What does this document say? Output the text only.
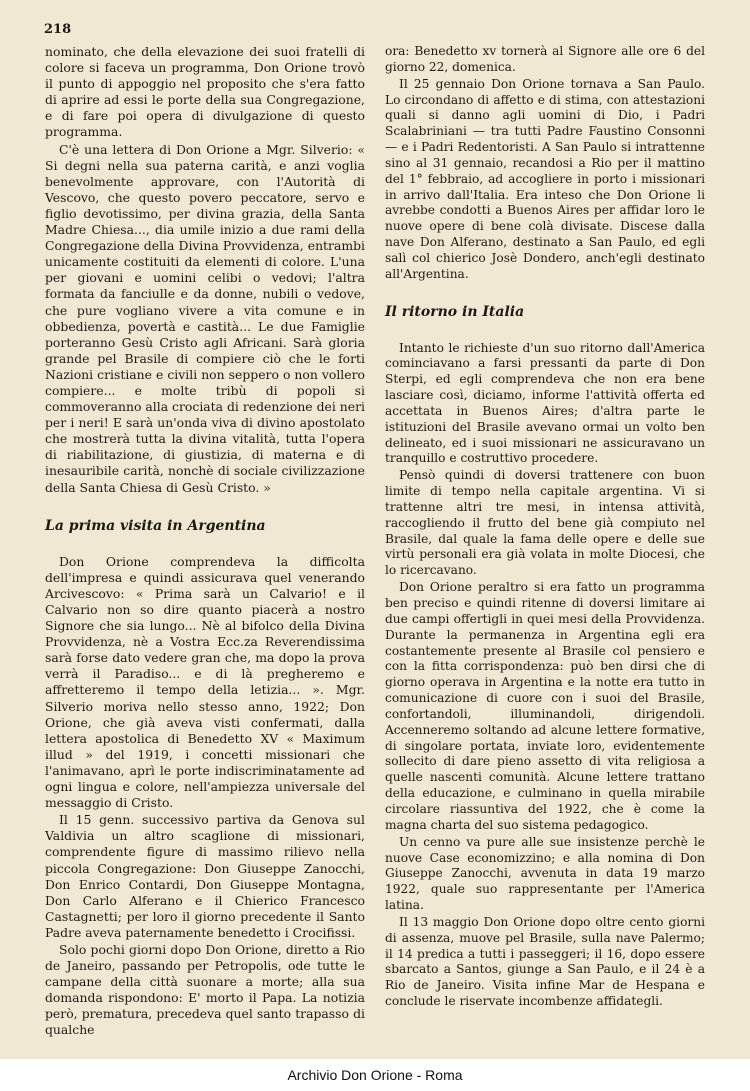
218

nominato, che della elevazione dei suoi fratelli di colore si faceva un programma, Don Orione trovò il punto di appoggio nel proposito che s'era fatto di aprire ad essi le porte della sua Congregazione, e di fare poi opera di divulgazione di questo programma.

C'è una lettera di Don Orione a Mgr. Silverio: « Si degni nella sua paterna carità, e anzi voglia benevolmente approvare, con l'Autorità di Vescovo, che questo povero peccatore, servo e figlio devotissimo, per divina grazia, della Santa Madre Chiesa..., dia umile inizio a due rami della Congregazione della Divina Provvidenza, entrambi unicamente costituiti da elementi di colore. L'una per giovani e uomini celibi o vedovi; l'altra formata da fanciulle e da donne, nubili o vedove, che pure vogliano vivere a vita comune e in obbedienza, povertà e castità... Le due Famiglie porteranno Gesù Cristo agli Africani. Sarà gloria grande pel Brasile di compiere ciò che le forti Nazioni cristiane e civili non seppero o non vollero compiere... e molte tribù di popoli si commoveranno alla crociata di redenzione dei neri per i neri! E sarà un'onda viva di divino apostolato che mostrerà tutta la divina vitalità, tutta l'opera di riabilitazione, di giustizia, di materna e di inesauribile carità, nonchè di sociale civilizzazione della Santa Chiesa di Gesù Cristo. »

La prima visita in Argentina

Don Orione comprendeva la difficolta dell'impresa e quindi assicurava quel venerando Arcivescovo: « Prima sarà un Calvario! e il Calvario non so dire quanto piacerà a nostro Signore che sia lungo... Nè al bifolco della Divina Provvidenza, nè a Vostra Ecc.za Reverendissima sarà forse dato vedere gran che, ma dopo la prova verrà il Paradiso... e di là pregheremo e affretteremo il tempo della letizia... ». Mgr. Silverio moriva nello stesso anno, 1922; Don Orione, che già aveva visti confermati, dalla lettera apostolica di Benedetto XV « Maximum illud » del 1919, i concetti missionari che l'animavano, aprì le porte indiscriminatamente ad ogni lingua e colore, nell'ampiezza universale del messaggio di Cristo.

Il 15 genn. successivo partiva da Genova sul Valdivia un altro scaglione di missionari, comprendente figure di massimo rilievo nella piccola Congregazione: Don Giuseppe Zanocchi, Don Enrico Contardi, Don Giuseppe Montagna, Don Carlo Alferano e il Chierico Francesco Castagnetti; per loro il giorno precedente il Santo Padre aveva paternamente benedetto i Crocifissi.

Solo pochi giorni dopo Don Orione, diretto a Rio de Janeiro, passando per Petropolis, ode tutte le campane della città suonare a morte; alla sua domanda rispondono: E' morto il Papa. La notizia però, prematura, precedeva quel santo trapasso di qualche

ora: Benedetto xv tornerà al Signore alle ore 6 del giorno 22, domenica.

Il 25 gennaio Don Orione tornava a San Paulo. Lo circondano di affetto e di stima, con attestazioni quali si danno agli uomini di Dio, i Padri Scalabriniani — tra tutti Padre Faustino Consonni — e i Padri Redentoristi. A San Paulo si intrattenne sino al 31 gennaio, recandosi a Rio per il mattino del 1° febbraio, ad accogliere in porto i missionari in arrivo dall'Italia. Era inteso che Don Orione li avrebbe condotti a Buenos Aires per affidar loro le nuove opere di bene colà divisate. Discese dalla nave Don Alferano, destinato a San Paulo, ed egli salì col chierico Josè Dondero, anch'egli destinato all'Argentina.

Il ritorno in Italia

Intanto le richieste d'un suo ritorno dall'America cominciavano a farsi pressanti da parte di Don Sterpi, ed egli comprendeva che non era bene lasciare così, diciamo, informe l'attività offerta ed accettata in Buenos Aires; d'altra parte le istituzioni del Brasile avevano ormai un volto ben delineato, ed i suoi missionari ne assicuravano un tranquillo e costruttivo procedere.

Pensò quindi di doversi trattenere con buon limite di tempo nella capitale argentina. Vi si trattenne altri tre mesi, in intensa attività, raccogliendo il frutto del bene già compiuto nel Brasile, dal quale la fama delle opere e delle sue virtù personali era già volata in molte Diocesi, che lo ricercavano.

Don Orione peraltro si era fatto un programma ben preciso e quindi ritenne di doversi limitare ai due campi offertigli in quei mesi della Provvidenza. Durante la permanenza in Argentina egli era costantemente presente al Brasile col pensiero e con la fitta corrispondenza: può ben dirsi che di giorno operava in Argentina e la notte era tutto in comunicazione di cuore con i suoi del Brasile, confortandoli, illuminandoli, dirigendoli. Accenneremo soltando ad alcune lettere formative, di singolare portata, inviate loro, evidentemente sollecito di dare pieno assetto di vita religiosa a quelle nascenti comunità. Alcune lettere trattano della educazione, e culminano in quella mirabile circolare riassuntiva del 1922, che è come la magna charta del suo sistema pedagogico.

Un cenno va pure alle sue insistenze perchè le nuove Case economizzino; e alla nomina di Don Giuseppe Zanocchi, avvenuta in data 19 marzo 1922, quale suo rappresentante per l'America latina.

Il 13 maggio Don Orione dopo oltre cento giorni di assenza, muove pel Brasile, sulla nave Palermo; il 14 predica a tutti i passeggeri; il 16, dopo essere sbarcato a Santos, giunge a San Paulo, e il 24 è a Rio de Janeiro. Visita infine Mar de Hespana e conclude le riservate incombenze affidategli.

Archivio Don Orione - Roma
